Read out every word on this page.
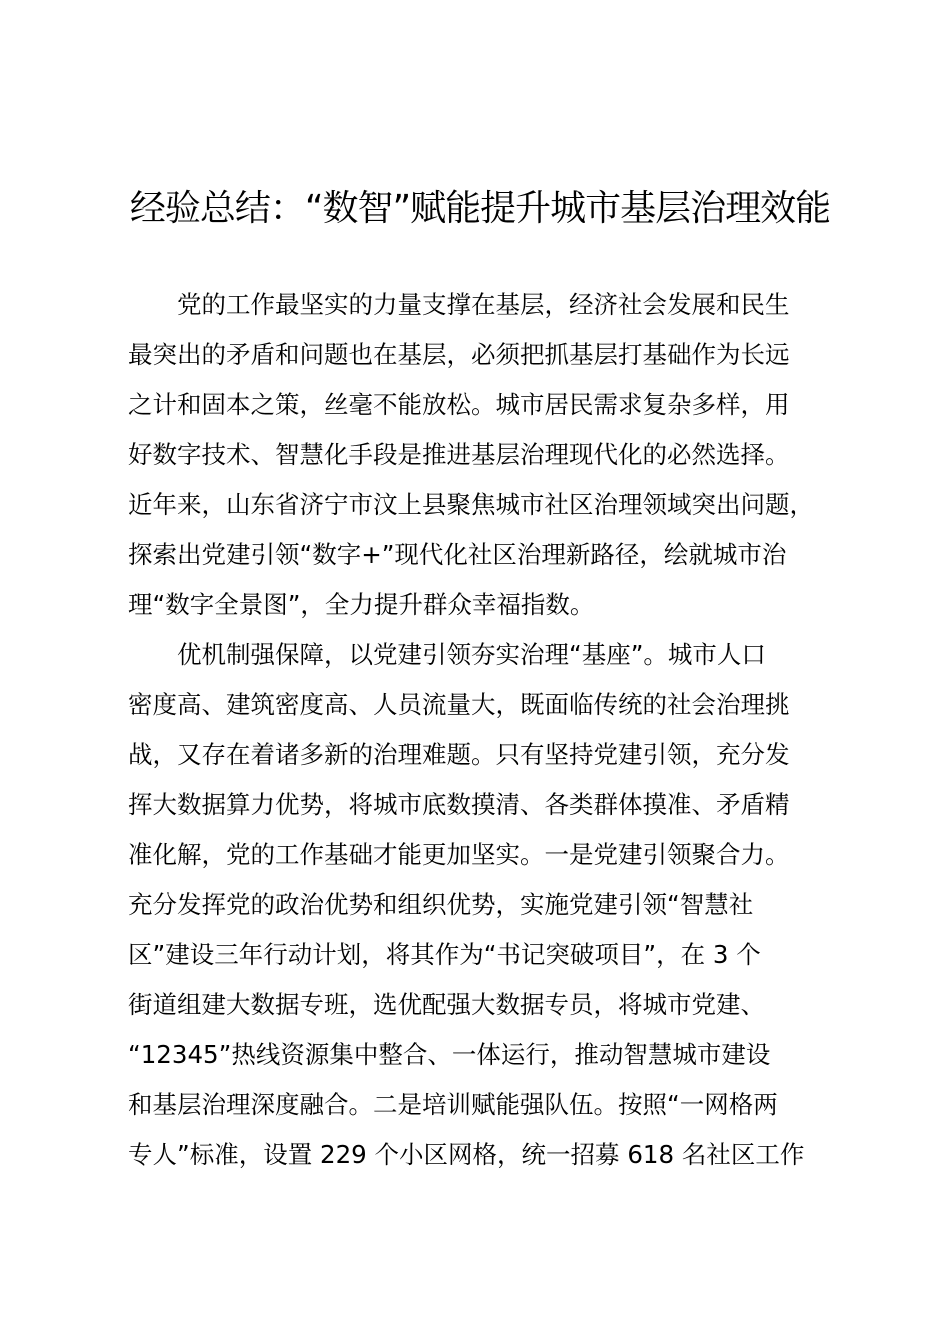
经验总结：“数智”赋能提升城市基层治理效能
　　党的工作最坚实的力量支撑在基层，经济社会发展和民生
最突出的矛盾和问题也在基层，必须把抓基层打基础作为长远
之计和固本之策，丝毫不能放松。城市居民需求复杂多样，用
好数字技术、智慧化手段是推进基层治理现代化的必然选择。
近年来，山东省济宁市汶上县聚焦城市社区治理领域突出问题，
探索出党建引领“数字+”现代化社区治理新路径，绘就城市治
理“数字全景图”，全力提升群众幸福指数。
　　优机制强保障，以党建引领夯实治理“基座”。城市人口
密度高、建筑密度高、人员流量大，既面临传统的社会治理挑
战，又存在着诸多新的治理难题。只有坚持党建引领，充分发
挥大数据算力优势，将城市底数摸清、各类群体摸准、矛盾精
准化解，党的工作基础才能更加坚实。一是党建引领聚合力。
充分发挥党的政治优势和组织优势，实施党建引领“智慧社
区”建设三年行动计划，将其作为“书记突破项目”，在 3 个
街道组建大数据专班，选优配强大数据专员，将城市党建、
“12345”热线资源集中整合、一体运行，推动智慧城市建设
和基层治理深度融合。二是培训赋能强队伍。按照“一网格两
专人”标准，设置 229 个小区网格，统一招募 618 名社区工作
